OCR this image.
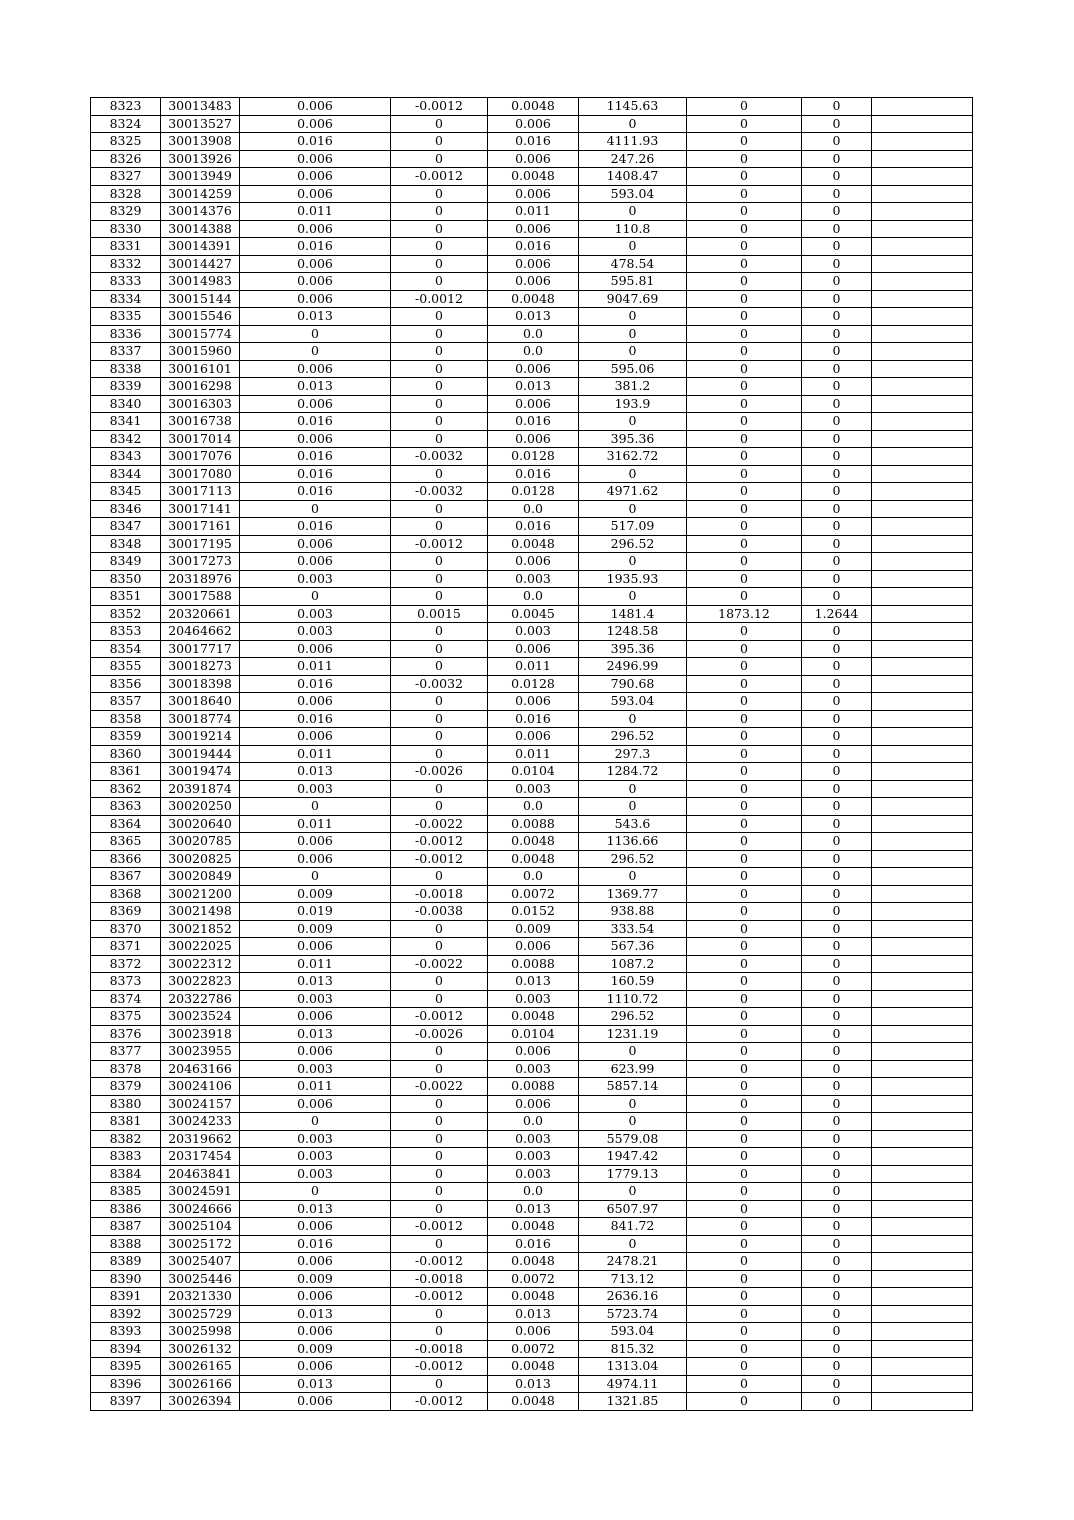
8323	30013483	0.006	-0.0012	0.0048	1145.63	0	0	
8324	30013527	0.006	0	0.006	0	0	0	
8325	30013908	0.016	0	0.016	4111.93	0	0	
8326	30013926	0.006	0	0.006	247.26	0	0	
8327	30013949	0.006	-0.0012	0.0048	1408.47	0	0	
8328	30014259	0.006	0	0.006	593.04	0	0	
8329	30014376	0.011	0	0.011	0	0	0	
8330	30014388	0.006	0	0.006	110.8	0	0	
8331	30014391	0.016	0	0.016	0	0	0	
8332	30014427	0.006	0	0.006	478.54	0	0	
8333	30014983	0.006	0	0.006	595.81	0	0	
8334	30015144	0.006	-0.0012	0.0048	9047.69	0	0	
8335	30015546	0.013	0	0.013	0	0	0	
8336	30015774	0	0	0.0	0	0	0	
8337	30015960	0	0	0.0	0	0	0	
8338	30016101	0.006	0	0.006	595.06	0	0	
8339	30016298	0.013	0	0.013	381.2	0	0	
8340	30016303	0.006	0	0.006	193.9	0	0	
8341	30016738	0.016	0	0.016	0	0	0	
8342	30017014	0.006	0	0.006	395.36	0	0	
8343	30017076	0.016	-0.0032	0.0128	3162.72	0	0	
8344	30017080	0.016	0	0.016	0	0	0	
8345	30017113	0.016	-0.0032	0.0128	4971.62	0	0	
8346	30017141	0	0	0.0	0	0	0	
8347	30017161	0.016	0	0.016	517.09	0	0	
8348	30017195	0.006	-0.0012	0.0048	296.52	0	0	
8349	30017273	0.006	0	0.006	0	0	0	
8350	20318976	0.003	0	0.003	1935.93	0	0	
8351	30017588	0	0	0.0	0	0	0	
8352	20320661	0.003	0.0015	0.0045	1481.4	1873.12	1.2644	
8353	20464662	0.003	0	0.003	1248.58	0	0	
8354	30017717	0.006	0	0.006	395.36	0	0	
8355	30018273	0.011	0	0.011	2496.99	0	0	
8356	30018398	0.016	-0.0032	0.0128	790.68	0	0	
8357	30018640	0.006	0	0.006	593.04	0	0	
8358	30018774	0.016	0	0.016	0	0	0	
8359	30019214	0.006	0	0.006	296.52	0	0	
8360	30019444	0.011	0	0.011	297.3	0	0	
8361	30019474	0.013	-0.0026	0.0104	1284.72	0	0	
8362	20391874	0.003	0	0.003	0	0	0	
8363	30020250	0	0	0.0	0	0	0	
8364	30020640	0.011	-0.0022	0.0088	543.6	0	0	
8365	30020785	0.006	-0.0012	0.0048	1136.66	0	0	
8366	30020825	0.006	-0.0012	0.0048	296.52	0	0	
8367	30020849	0	0	0.0	0	0	0	
8368	30021200	0.009	-0.0018	0.0072	1369.77	0	0	
8369	30021498	0.019	-0.0038	0.0152	938.88	0	0	
8370	30021852	0.009	0	0.009	333.54	0	0	
8371	30022025	0.006	0	0.006	567.36	0	0	
8372	30022312	0.011	-0.0022	0.0088	1087.2	0	0	
8373	30022823	0.013	0	0.013	160.59	0	0	
8374	20322786	0.003	0	0.003	1110.72	0	0	
8375	30023524	0.006	-0.0012	0.0048	296.52	0	0	
8376	30023918	0.013	-0.0026	0.0104	1231.19	0	0	
8377	30023955	0.006	0	0.006	0	0	0	
8378	20463166	0.003	0	0.003	623.99	0	0	
8379	30024106	0.011	-0.0022	0.0088	5857.14	0	0	
8380	30024157	0.006	0	0.006	0	0	0	
8381	30024233	0	0	0.0	0	0	0	
8382	20319662	0.003	0	0.003	5579.08	0	0	
8383	20317454	0.003	0	0.003	1947.42	0	0	
8384	20463841	0.003	0	0.003	1779.13	0	0	
8385	30024591	0	0	0.0	0	0	0	
8386	30024666	0.013	0	0.013	6507.97	0	0	
8387	30025104	0.006	-0.0012	0.0048	841.72	0	0	
8388	30025172	0.016	0	0.016	0	0	0	
8389	30025407	0.006	-0.0012	0.0048	2478.21	0	0	
8390	30025446	0.009	-0.0018	0.0072	713.12	0	0	
8391	20321330	0.006	-0.0012	0.0048	2636.16	0	0	
8392	30025729	0.013	0	0.013	5723.74	0	0	
8393	30025998	0.006	0	0.006	593.04	0	0	
8394	30026132	0.009	-0.0018	0.0072	815.32	0	0	
8395	30026165	0.006	-0.0012	0.0048	1313.04	0	0	
8396	30026166	0.013	0	0.013	4974.11	0	0	
8397	30026394	0.006	-0.0012	0.0048	1321.85	0	0	
